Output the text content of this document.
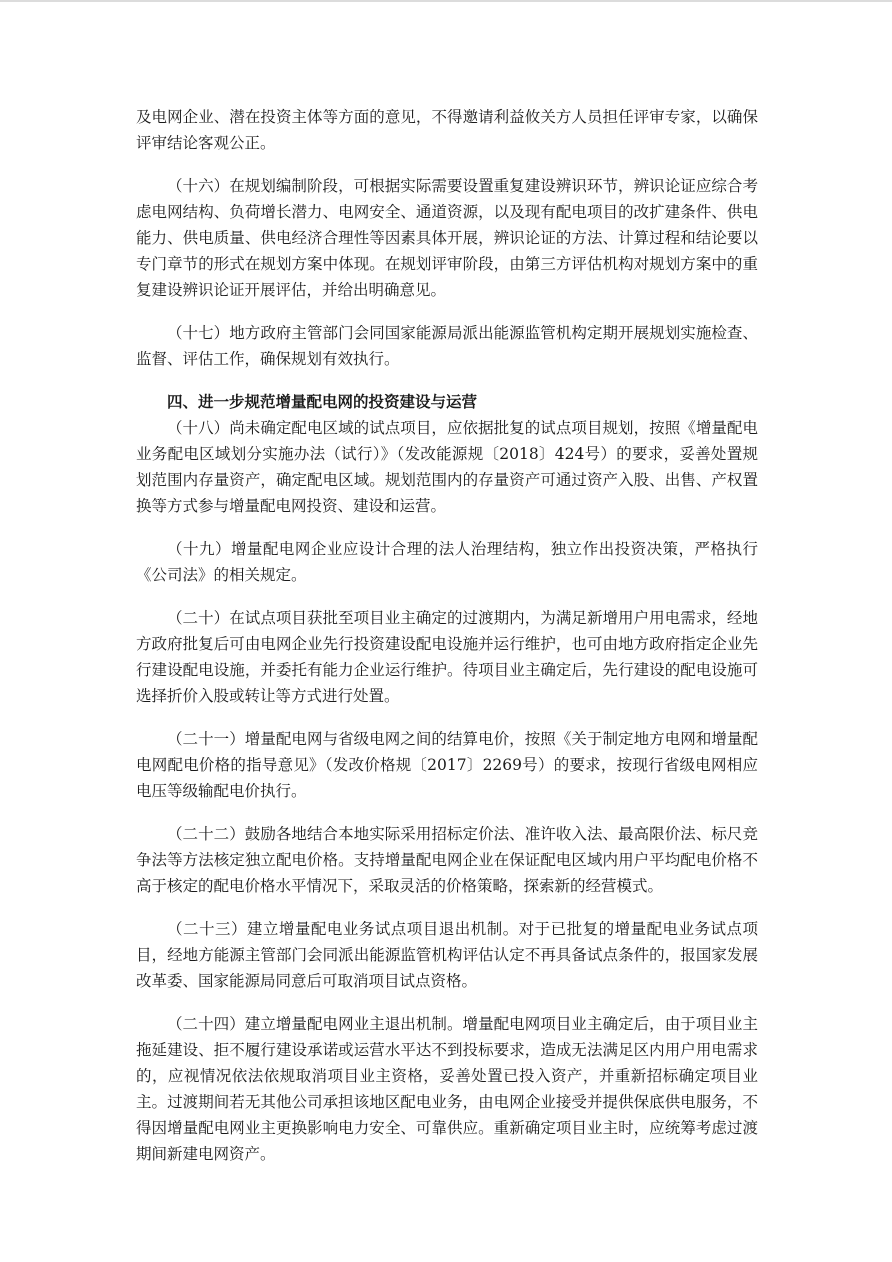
及电网企业、潜在投资主体等方面的意见，不得邀请利益攸关方人员担任评审专家，以确保评审结论客观公正。

（十六）在规划编制阶段，可根据实际需要设置重复建设辨识环节，辨识论证应综合考虑电网结构、负荷增长潜力、电网安全、通道资源，以及现有配电项目的改扩建条件、供电能力、供电质量、供电经济合理性等因素具体开展，辨识论证的方法、计算过程和结论要以专门章节的形式在规划方案中体现。在规划评审阶段，由第三方评估机构对规划方案中的重复建设辨识论证开展评估，并给出明确意见。

（十七）地方政府主管部门会同国家能源局派出能源监管机构定期开展规划实施检查、监督、评估工作，确保规划有效执行。

四、进一步规范增量配电网的投资建设与运营

（十八）尚未确定配电区域的试点项目，应依据批复的试点项目规划，按照《增量配电业务配电区域划分实施办法（试行）》（发改能源规〔2018〕424号）的要求，妥善处置规划范围内存量资产，确定配电区域。规划范围内的存量资产可通过资产入股、出售、产权置换等方式参与增量配电网投资、建设和运营。

（十九）增量配电网企业应设计合理的法人治理结构，独立作出投资决策，严格执行《公司法》的相关规定。

（二十）在试点项目获批至项目业主确定的过渡期内，为满足新增用户用电需求，经地方政府批复后可由电网企业先行投资建设配电设施并运行维护，也可由地方政府指定企业先行建设配电设施，并委托有能力企业运行维护。待项目业主确定后，先行建设的配电设施可选择折价入股或转让等方式进行处置。

（二十一）增量配电网与省级电网之间的结算电价，按照《关于制定地方电网和增量配电网配电价格的指导意见》（发改价格规〔2017〕2269号）的要求，按现行省级电网相应电压等级输配电价执行。

（二十二）鼓励各地结合本地实际采用招标定价法、准许收入法、最高限价法、标尺竞争法等方法核定独立配电价格。支持增量配电网企业在保证配电区域内用户平均配电价格不高于核定的配电价格水平情况下，采取灵活的价格策略，探索新的经营模式。

（二十三）建立增量配电业务试点项目退出机制。对于已批复的增量配电业务试点项目，经地方能源主管部门会同派出能源监管机构评估认定不再具备试点条件的，报国家发展改革委、国家能源局同意后可取消项目试点资格。

（二十四）建立增量配电网业主退出机制。增量配电网项目业主确定后，由于项目业主拖延建设、拒不履行建设承诺或运营水平达不到投标要求，造成无法满足区内用户用电需求的，应视情况依法依规取消项目业主资格，妥善处置已投入资产，并重新招标确定项目业主。过渡期间若无其他公司承担该地区配电业务，由电网企业接受并提供保底供电服务，不得因增量配电网业主更换影响电力安全、可靠供应。重新确定项目业主时，应统筹考虑过渡期间新建电网资产。
